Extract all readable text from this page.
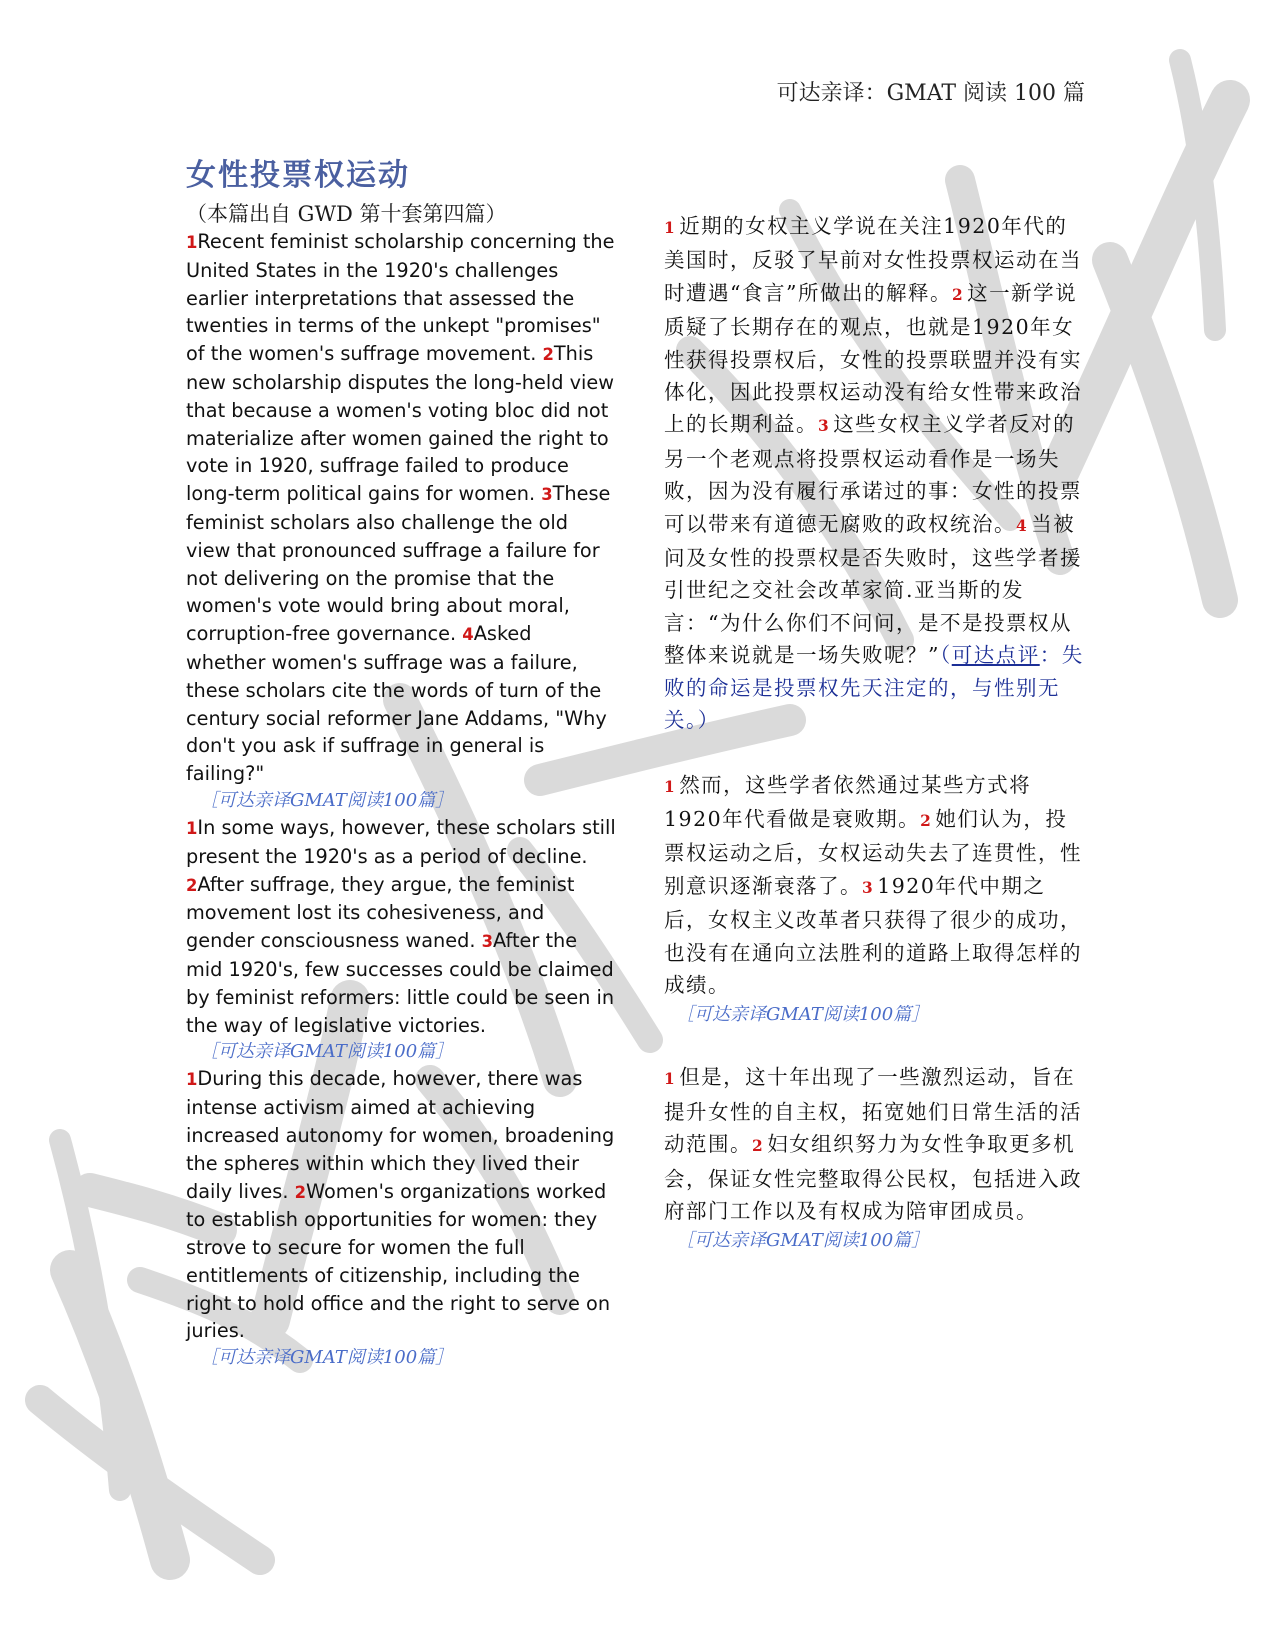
可达亲译：GMAT 阅读 100 篇
女性投票权运动
（本篇出自 GWD 第十套第四篇）

1Recent feminist scholarship concerning the United States in the 1920's challenges earlier interpretations that assessed the twenties in terms of the unkept "promises" of the women's suffrage movement. 2This new scholarship disputes the long-held view that because a women's voting bloc did not materialize after women gained the right to vote in 1920, suffrage failed to produce long-term political gains for women. 3These feminist scholars also challenge the old view that pronounced suffrage a failure for not delivering on the promise that the women's vote would bring about moral, corruption-free governance. 4Asked whether women's suffrage was a failure, these scholars cite the words of turn of the century social reformer Jane Addams, "Why don't you ask if suffrage in general is failing?"

［可达亲译GMAT阅读100篇］

1In some ways, however, these scholars still present the 1920's as a period of decline. 2After suffrage, they argue, the feminist movement lost its cohesiveness, and gender consciousness waned. 3After the mid 1920's, few successes could be claimed by feminist reformers: little could be seen in the way of legislative victories.

［可达亲译GMAT阅读100篇］

1During this decade, however, there was intense activism aimed at achieving increased autonomy for women, broadening the spheres within which they lived their daily lives. 2Women's organizations worked to establish opportunities for women: they strove to secure for women the full entitlements of citizenship, including the right to hold office and the right to serve on juries.

［可达亲译GMAT阅读100篇］

1 近期的女权主义学说在关注1920年代的美国时，反驳了早前对女性投票权运动在当时遭遇“食言”所做出的解释。2 这一新学说质疑了长期存在的观点，也就是1920年女性获得投票权后，女性的投票联盟并没有实体化，因此投票权运动没有给女性带来政治上的长期利益。3 这些女权主义学者反对的另一个老观点将投票权运动看作是一场失败，因为没有履行承诺过的事：女性的投票可以带来有道德无腐败的政权统治。4 当被问及女性的投票权是否失败时，这些学者援引世纪之交社会改革家简.亚当斯的发言：“为什么你们不问问，是不是投票权从整体来说就是一场失败呢？”（可达点评：失败的命运是投票权先天注定的，与性别无关。）

1 然而，这些学者依然通过某些方式将1920年代看做是衰败期。2 她们认为，投票权运动之后，女权运动失去了连贯性，性别意识逐渐衰落了。3 1920年代中期之后，女权主义改革者只获得了很少的成功，也没有在通向立法胜利的道路上取得怎样的成绩。

［可达亲译GMAT阅读100篇］

1 但是，这十年出现了一些激烈运动，旨在提升女性的自主权，拓宽她们日常生活的活动范围。2 妇女组织努力为女性争取更多机会，保证女性完整取得公民权，包括进入政府部门工作以及有权成为陪审团成员。

［可达亲译GMAT阅读100篇］
